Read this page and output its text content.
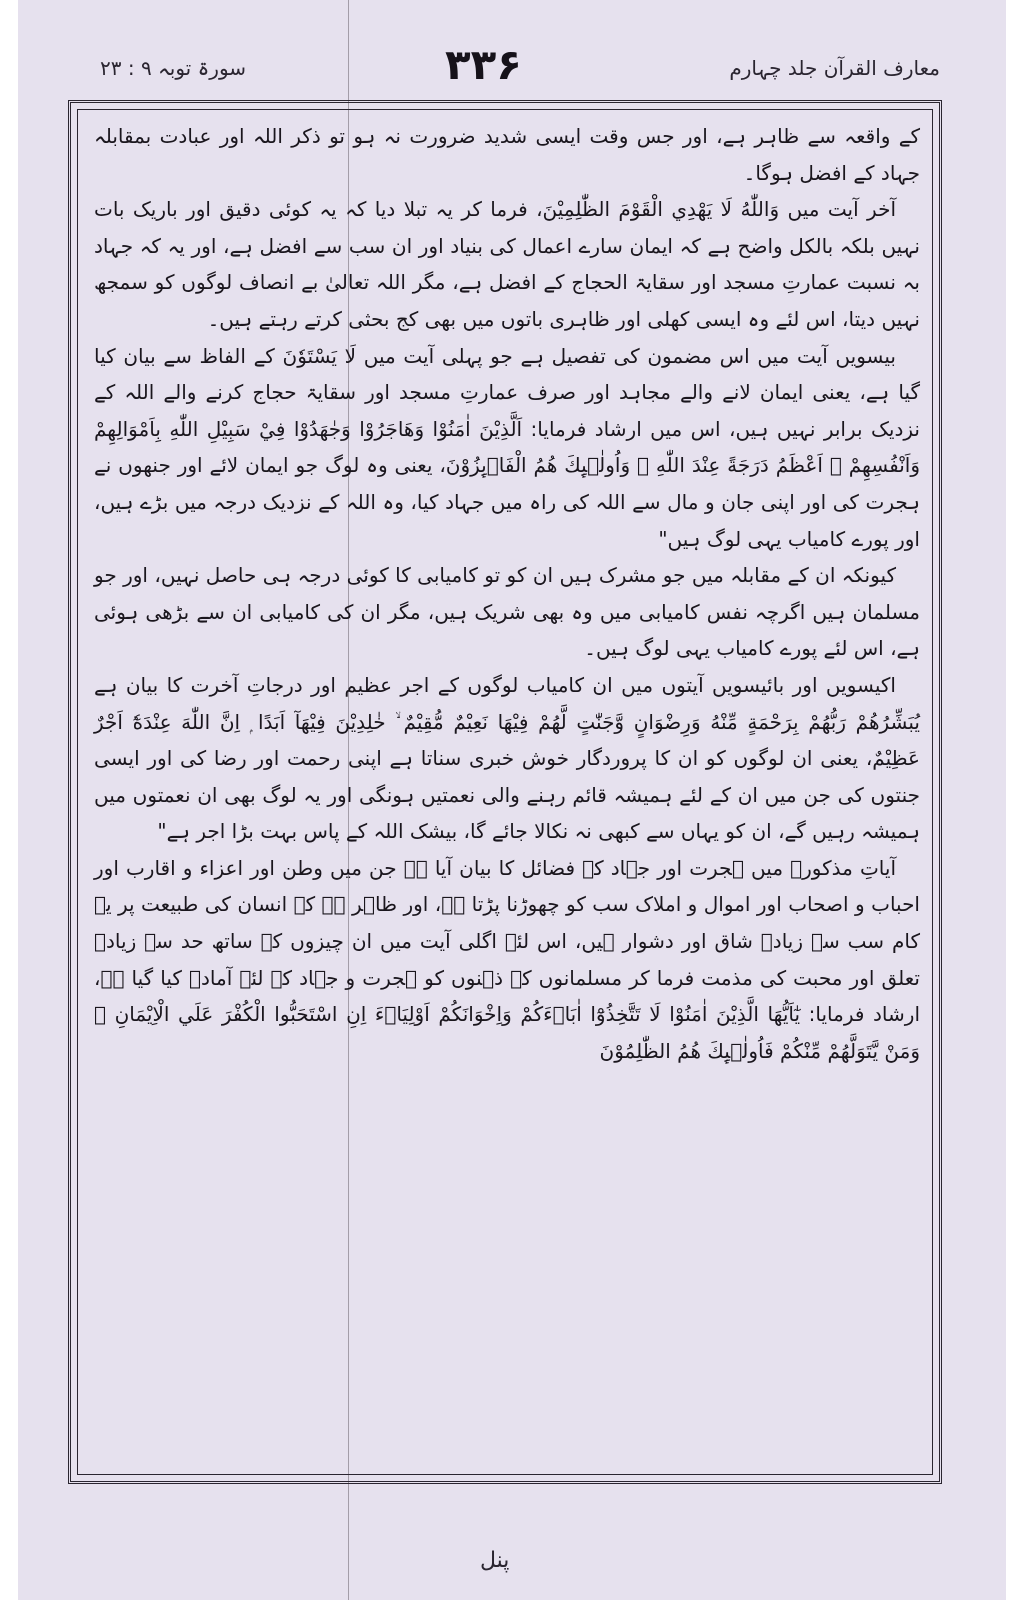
سورۃ توبہ ۹ : ۲۳	۳۳۶	معارف القرآن جلد چہارم

کے واقعہ سے ظاہر ہے، اور جس وقت ایسی شدید ضرورت نہ ہو تو ذکر اللہ اور عبادت بمقابلہ جہاد کے افضل ہوگا۔

آخر آیت میں وَاللّٰهُ لَا يَهْدِي الْقَوْمَ الظّٰلِمِيْنَ، فرما کر یہ تبلا دیا کہ یہ کوئی دقیق اور باریک بات نہیں بلکہ بالکل واضح ہے کہ ایمان سارے اعمال کی بنیاد اور ان سب سے افضل ہے، اور یہ کہ جہاد بہ نسبت عمارتِ مسجد اور سقایۃ الحجاج کے افضل ہے، مگر اللہ تعالیٰ بے انصاف لوگوں کو سمجھ نہیں دیتا، اس لئے وہ ایسی کھلی اور ظاہری باتوں میں بھی کج بحثی کرتے رہتے ہیں۔

بیسویں آیت میں اس مضمون کی تفصیل ہے جو پہلی آیت میں لَا يَسْتَوٗنَ کے الفاظ سے بیان کیا گیا ہے، یعنی ایمان لانے والے مجاہد اور صرف عمارتِ مسجد اور سقایۃ حجاج کرنے والے اللہ کے نزدیک برابر نہیں ہیں، اس میں ارشاد فرمایا: اَلَّذِيْنَ اٰمَنُوْا وَهَاجَرُوْا وَجٰهَدُوْا فِيْ سَبِيْلِ اللّٰهِ بِاَمْوَالِهِمْ وَاَنْفُسِهِمْ ۙ اَعْظَمُ دَرَجَةً عِنْدَ اللّٰهِ ۭ وَاُولٰۗىِٕكَ هُمُ الْفَاۗىِٕزُوْنَ، یعنی وہ لوگ جو ایمان لائے اور جنھوں نے ہجرت کی اور اپنی جان و مال سے اللہ کی راہ میں جہاد کیا، وہ اللہ کے نزدیک درجہ میں بڑے ہیں، اور پورے کامیاب یہی لوگ ہیں"

کیونکہ ان کے مقابلہ میں جو مشرک ہیں ان کو تو کامیابی کا کوئی درجہ ہی حاصل نہیں، اور جو مسلمان ہیں اگرچہ نفس کامیابی میں وہ بھی شریک ہیں، مگر ان کی کامیابی ان سے بڑھی ہوئی ہے، اس لئے پورے کامیاب یہی لوگ ہیں۔

اکیسویں اور بائیسویں آیتوں میں ان کامیاب لوگوں کے اجر عظیم اور درجاتِ آخرت کا بیان ہے يُبَشِّرُهُمْ رَبُّهُمْ بِرَحْمَةٍ مِّنْهُ وَرِضْوَانٍ وَّجَنّٰتٍ لَّهُمْ فِيْهَا نَعِيْمٌ مُّقِيْمٌ ۙ خٰلِدِيْنَ فِيْهَآ اَبَدًا ۭ اِنَّ اللّٰهَ عِنْدَهٗٓ اَجْرٌ عَظِيْمٌ، یعنی ان لوگوں کو ان کا پروردگار خوش خبری سناتا ہے اپنی رحمت اور رضا کی اور ایسی جنتوں کی جن میں ان کے لئے ہمیشہ قائم رہنے والی نعمتیں ہونگی اور یہ لوگ بھی ان نعمتوں میں ہمیشہ رہیں گے، ان کو یہاں سے کبھی نہ نکالا جائے گا، بیشک اللہ کے پاس بہت بڑا اجر ہے"

آیاتِ مذکورہ میں ہجرت اور جہاد کے فضائل کا بیان آیا ہے جن میں وطن اور اعزاء و اقارب اور احباب و اصحاب اور اموال و املاک سب کو چھوڑنا پڑتا ہے، اور ظاہر ہے کہ انسان کی طبیعت پر یہ کام سب سے زیادہ شاق اور دشوار ہیں، اس لئے اگلی آیت میں ان چیزوں کے ساتھ حد سے زیادہ تعلق اور محبت کی مذمت فرما کر مسلمانوں کے ذہنوں کو ہجرت و جہاد کے لئے آمادہ کیا گیا ہے، ارشاد فرمایا: يٰٓاَيُّهَا الَّذِيْنَ اٰمَنُوْا لَا تَتَّخِذُوْٓا اٰبَاۗءَكُمْ وَاِخْوَانَكُمْ اَوْلِيَاۗءَ اِنِ اسْتَحَبُّوا الْكُفْرَ عَلَي الْاِيْمَانِ ۭ وَمَنْ يَّتَوَلَّهُمْ مِّنْكُمْ فَاُولٰۗىِٕكَ هُمُ الظّٰلِمُوْنَ

پنل
